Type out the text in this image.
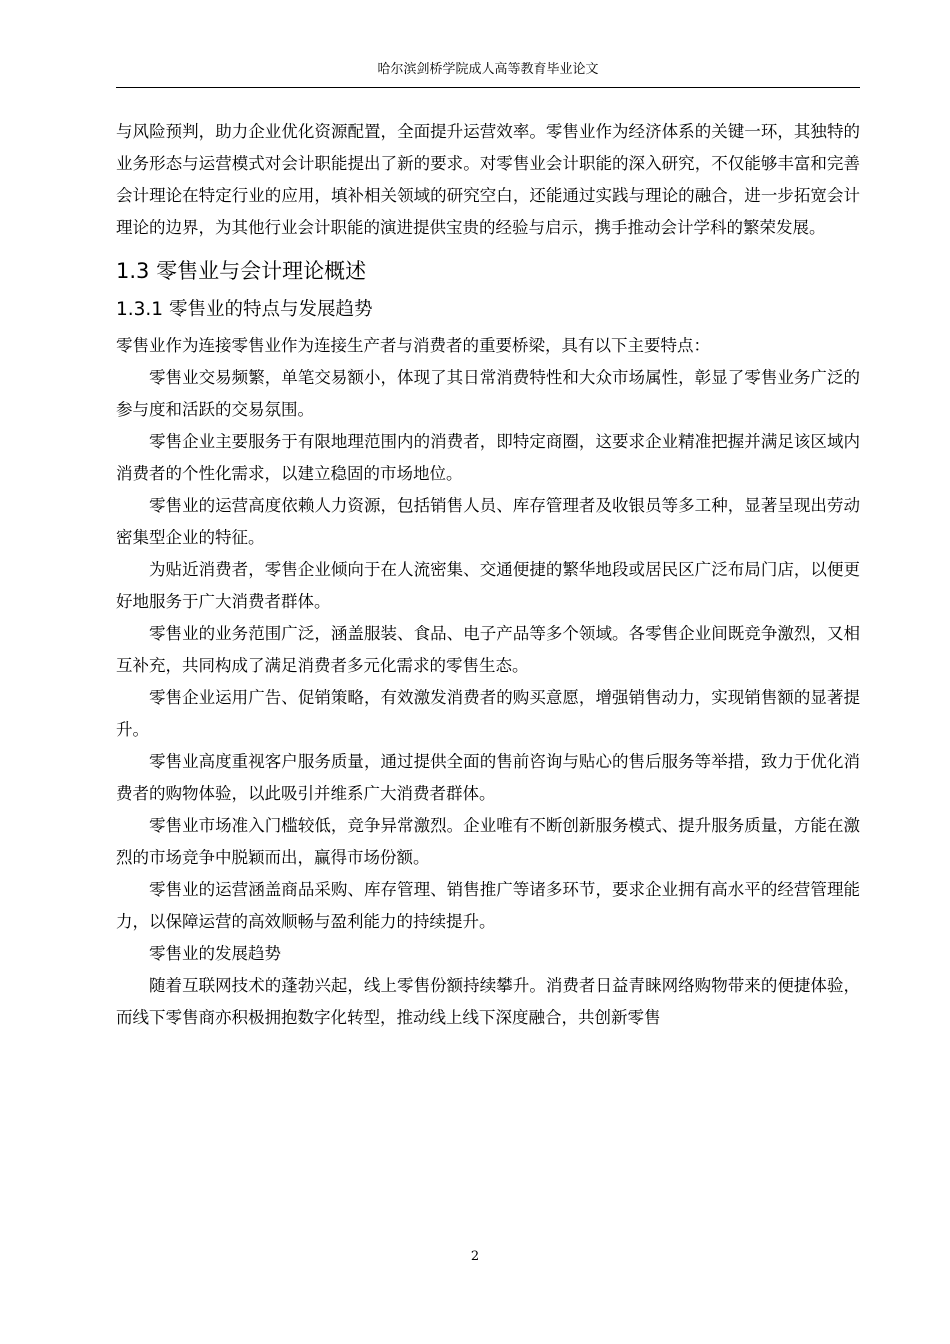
哈尔滨剑桥学院成人高等教育毕业论文

与风险预判，助力企业优化资源配置，全面提升运营效率。零售业作为经济体系的关键一环，其独特的业务形态与运营模式对会计职能提出了新的要求。对零售业会计职能的深入研究，不仅能够丰富和完善会计理论在特定行业的应用，填补相关领域的研究空白，还能通过实践与理论的融合，进一步拓宽会计理论的边界，为其他行业会计职能的演进提供宝贵的经验与启示，携手推动会计学科的繁荣发展。

1.3 零售业与会计理论概述
1.3.1 零售业的特点与发展趋势

零售业作为连接零售业作为连接生产者与消费者的重要桥梁，具有以下主要特点：

零售业交易频繁，单笔交易额小，体现了其日常消费特性和大众市场属性，彰显了零售业务广泛的参与度和活跃的交易氛围。

零售企业主要服务于有限地理范围内的消费者，即特定商圈，这要求企业精准把握并满足该区域内消费者的个性化需求，以建立稳固的市场地位。

零售业的运营高度依赖人力资源，包括销售人员、库存管理者及收银员等多工种，显著呈现出劳动密集型企业的特征。

为贴近消费者，零售企业倾向于在人流密集、交通便捷的繁华地段或居民区广泛布局门店，以便更好地服务于广大消费者群体。

零售业的业务范围广泛，涵盖服装、食品、电子产品等多个领域。各零售企业间既竞争激烈，又相互补充，共同构成了满足消费者多元化需求的零售生态。

零售企业运用广告、促销策略，有效激发消费者的购买意愿，增强销售动力，实现销售额的显著提升。

零售业高度重视客户服务质量，通过提供全面的售前咨询与贴心的售后服务等举措，致力于优化消费者的购物体验，以此吸引并维系广大消费者群体。

零售业市场准入门槛较低，竞争异常激烈。企业唯有不断创新服务模式、提升服务质量，方能在激烈的市场竞争中脱颖而出，赢得市场份额。

零售业的运营涵盖商品采购、库存管理、销售推广等诸多环节，要求企业拥有高水平的经营管理能力，以保障运营的高效顺畅与盈利能力的持续提升。

零售业的发展趋势

随着互联网技术的蓬勃兴起，线上零售份额持续攀升。消费者日益青睐网络购物带来的便捷体验，而线下零售商亦积极拥抱数字化转型，推动线上线下深度融合，共创新零售

2
